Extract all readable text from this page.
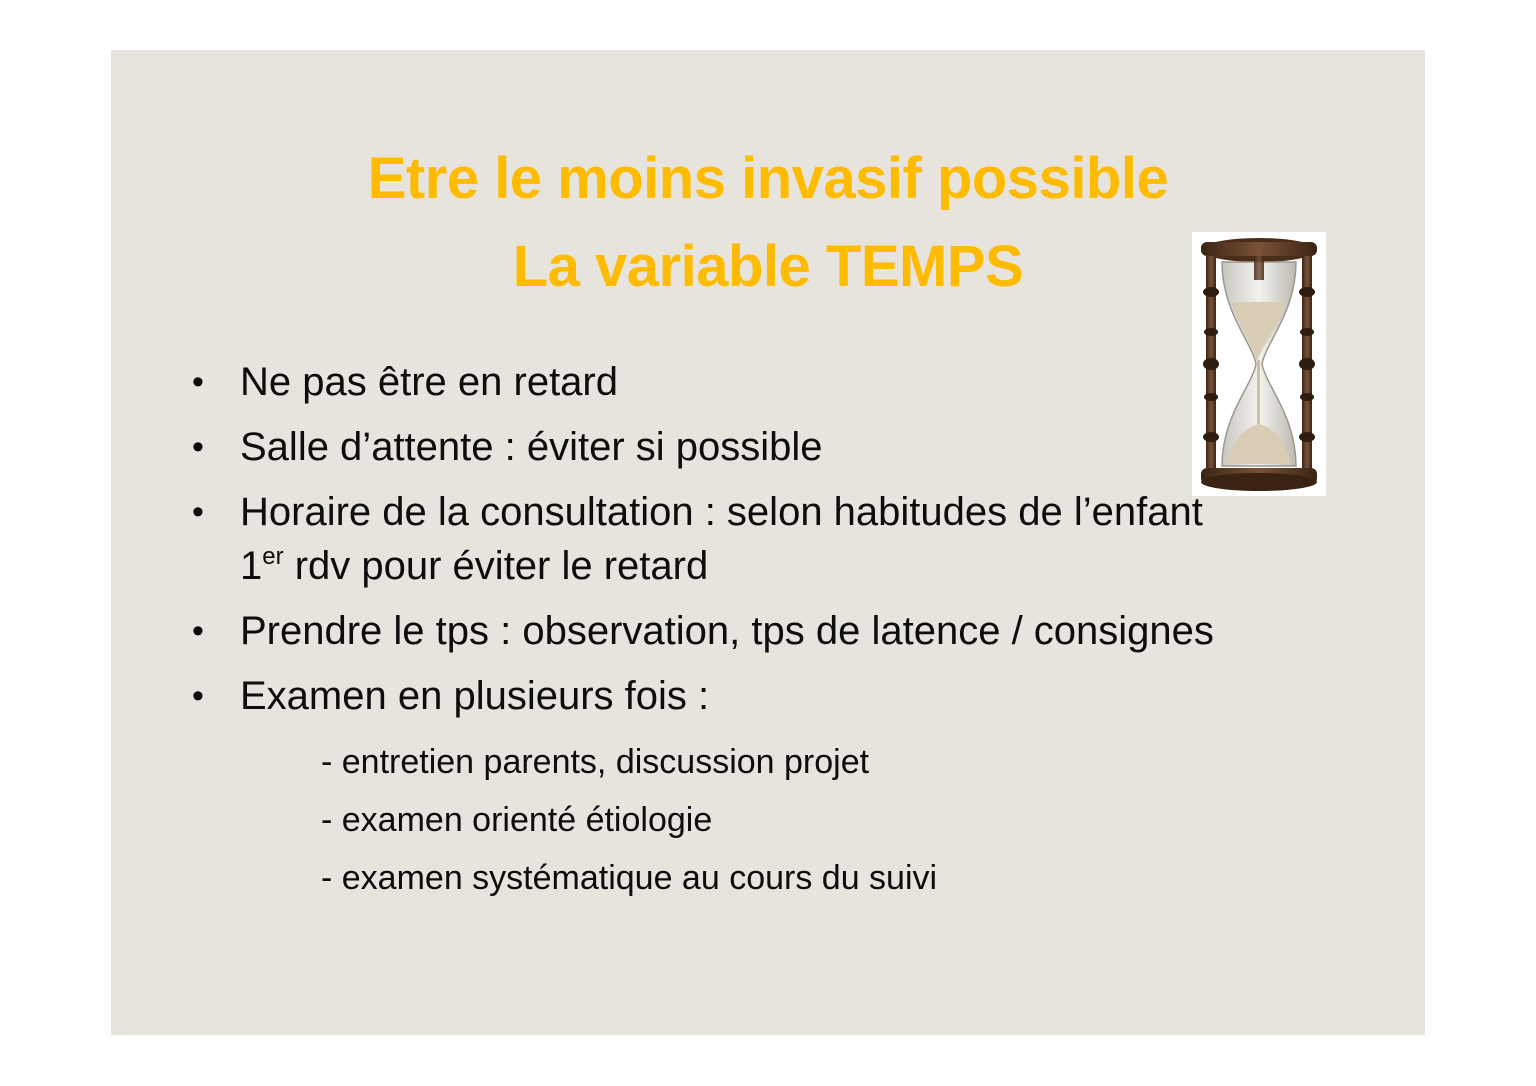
Etre le moins invasif possible
La variable TEMPS
• Ne pas être en retard
• Salle d’attente : éviter si possible
• Horaire de la consultation : selon habitudes de l’enfant
1er rdv pour éviter le retard
• Prendre le tps : observation, tps de latence / consignes
• Examen en plusieurs fois :
- entretien parents, discussion projet
- examen orienté étiologie
- examen systématique au cours du suivi
